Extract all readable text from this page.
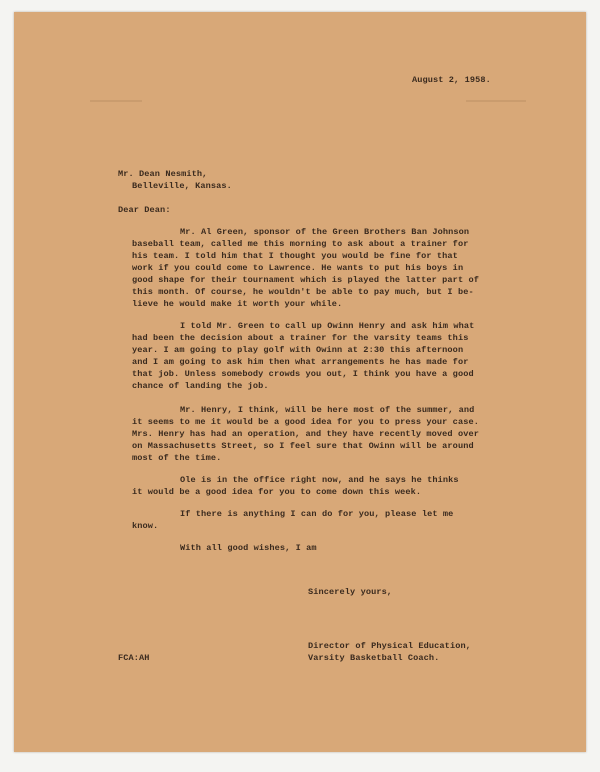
August 2, 1958.
Mr. Dean Nesmith,
Belleville, Kansas.
Dear Dean:
Mr. Al Green, sponsor of the Green Brothers Ban Johnson
baseball team, called me this morning to ask about a trainer for
his team. I told him that I thought you would be fine for that
work if you could come to Lawrence. He wants to put his boys in
good shape for their tournament which is played the latter part of
this month. Of course, he wouldn't be able to pay much, but I be-
lieve he would make it worth your while.
I told Mr. Green to call up Owinn Henry and ask him what
had been the decision about a trainer for the varsity teams this
year. I am going to play golf with Owinn at 2:30 this afternoon
and I am going to ask him then what arrangements he has made for
that job. Unless somebody crowds you out, I think you have a good
chance of landing the job.
Mr. Henry, I think, will be here most of the summer, and
it seems to me it would be a good idea for you to press your case.
Mrs. Henry has had an operation, and they have recently moved over
on Massachusetts Street, so I feel sure that Owinn will be around
most of the time.
Ole is in the office right now, and he says he thinks
it would be a good idea for you to come down this week.
If there is anything I can do for you, please let me
know.
With all good wishes, I am
Sincerely yours,
Director of Physical Education,
Varsity Basketball Coach.
FCA:AH
